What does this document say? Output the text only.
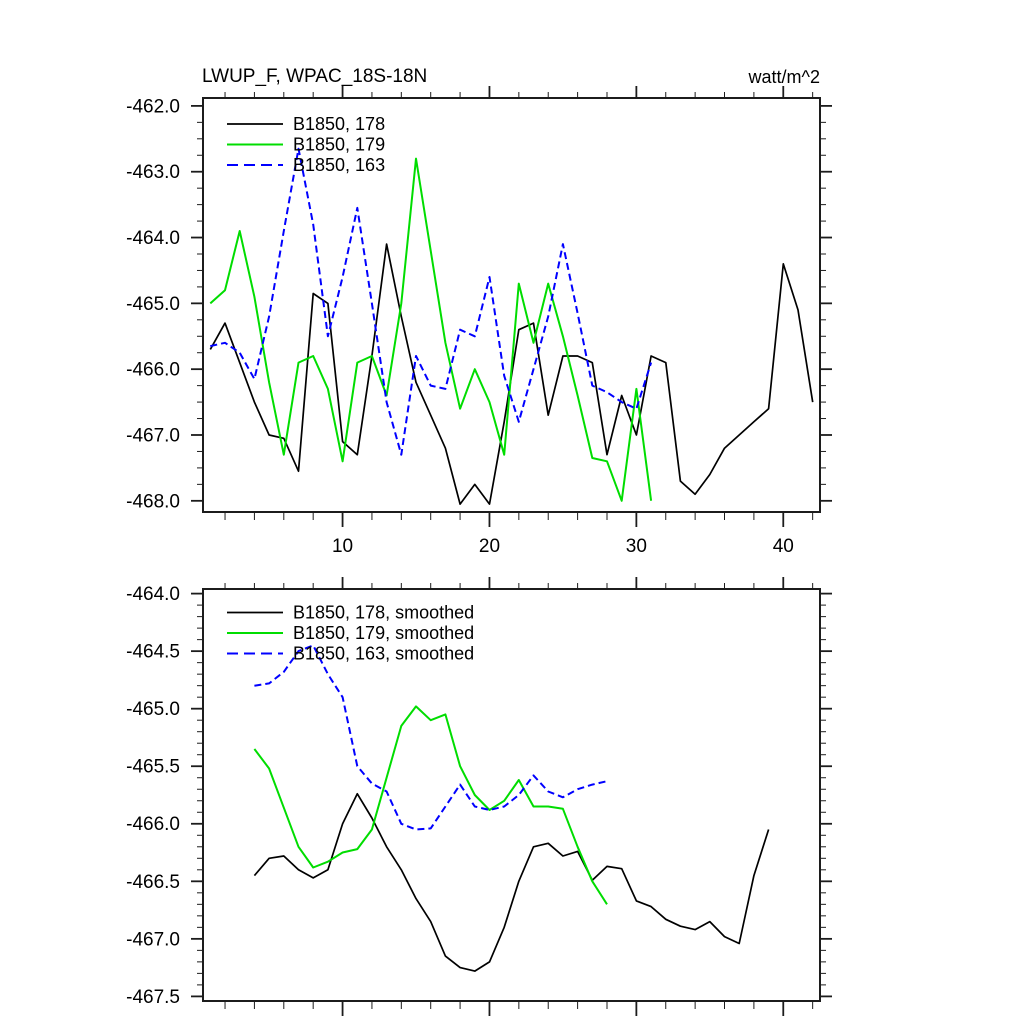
LWUP_F, WPAC_18S-18N	watt/m^2
-462.0
-463.0
-464.0
-465.0
-466.0
-467.0
-468.0
10	20	30	40
B1850, 178
B1850, 179
B1850, 163
-464.0
-464.5
-465.0
-465.5
-466.0
-466.5
-467.0
-467.5
B1850, 178, smoothed
B1850, 179, smoothed
B1850, 163, smoothed
